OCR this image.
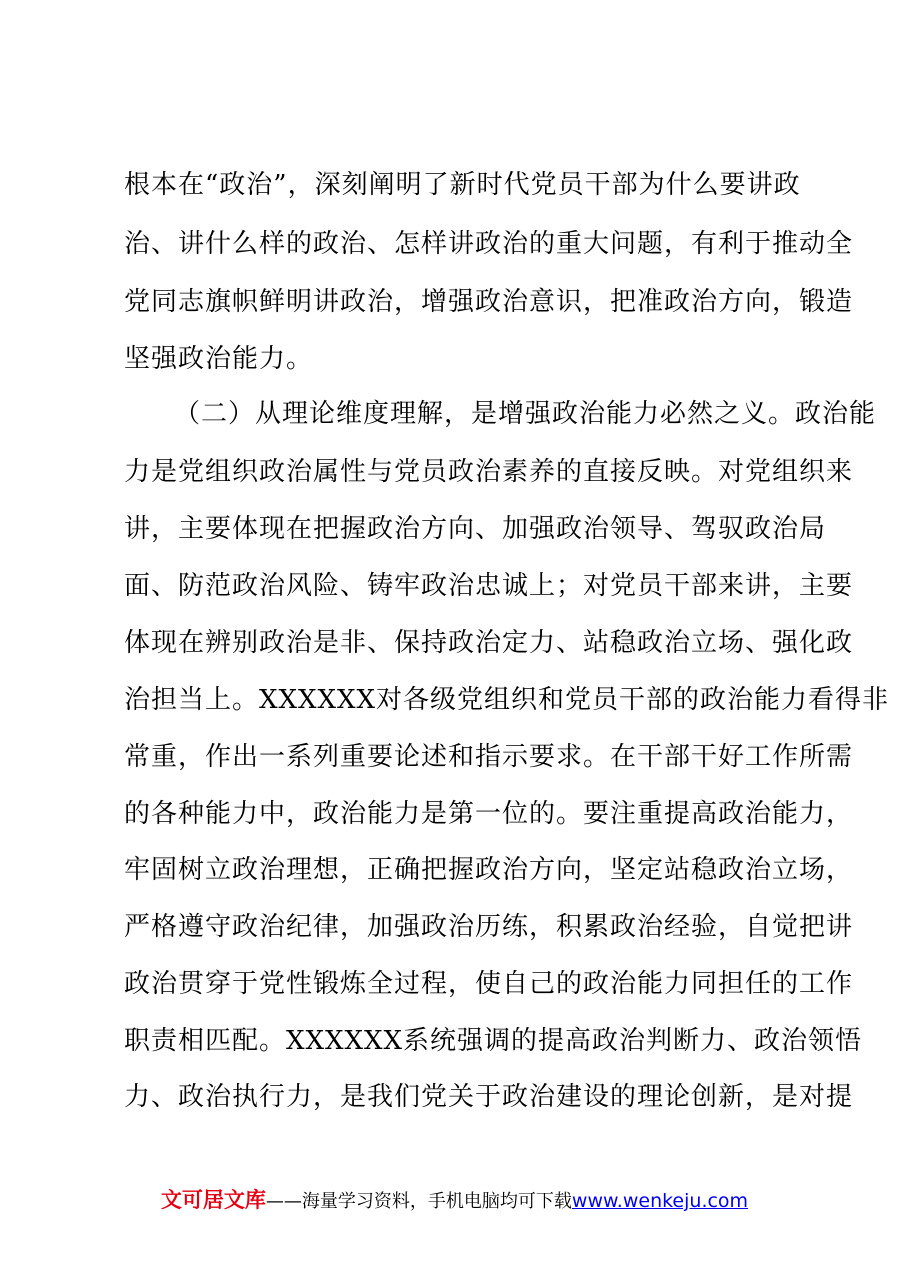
根本在“政治”，深刻阐明了新时代党员干部为什么要讲政
治、讲什么样的政治、怎样讲政治的重大问题，有利于推动全
党同志旗帜鲜明讲政治，增强政治意识，把准政治方向，锻造
坚强政治能力。
（二）从理论维度理解，是增强政治能力必然之义。政治能
力是党组织政治属性与党员政治素养的直接反映。对党组织来
讲，主要体现在把握政治方向、加强政治领导、驾驭政治局
面、防范政治风险、铸牢政治忠诚上；对党员干部来讲，主要
体现在辨别政治是非、保持政治定力、站稳政治立场、强化政
治担当上。XXXXXX对各级党组织和党员干部的政治能力看得非
常重，作出一系列重要论述和指示要求。在干部干好工作所需
的各种能力中，政治能力是第一位的。要注重提高政治能力，
牢固树立政治理想，正确把握政治方向，坚定站稳政治立场，
严格遵守政治纪律，加强政治历练，积累政治经验，自觉把讲
政治贯穿于党性锻炼全过程，使自己的政治能力同担任的工作
职责相匹配。XXXXXX系统强调的提高政治判断力、政治领悟
力、政治执行力，是我们党关于政治建设的理论创新，是对提
文可居文库——海量学习资料，手机电脑均可下载www.wenkeju.com
